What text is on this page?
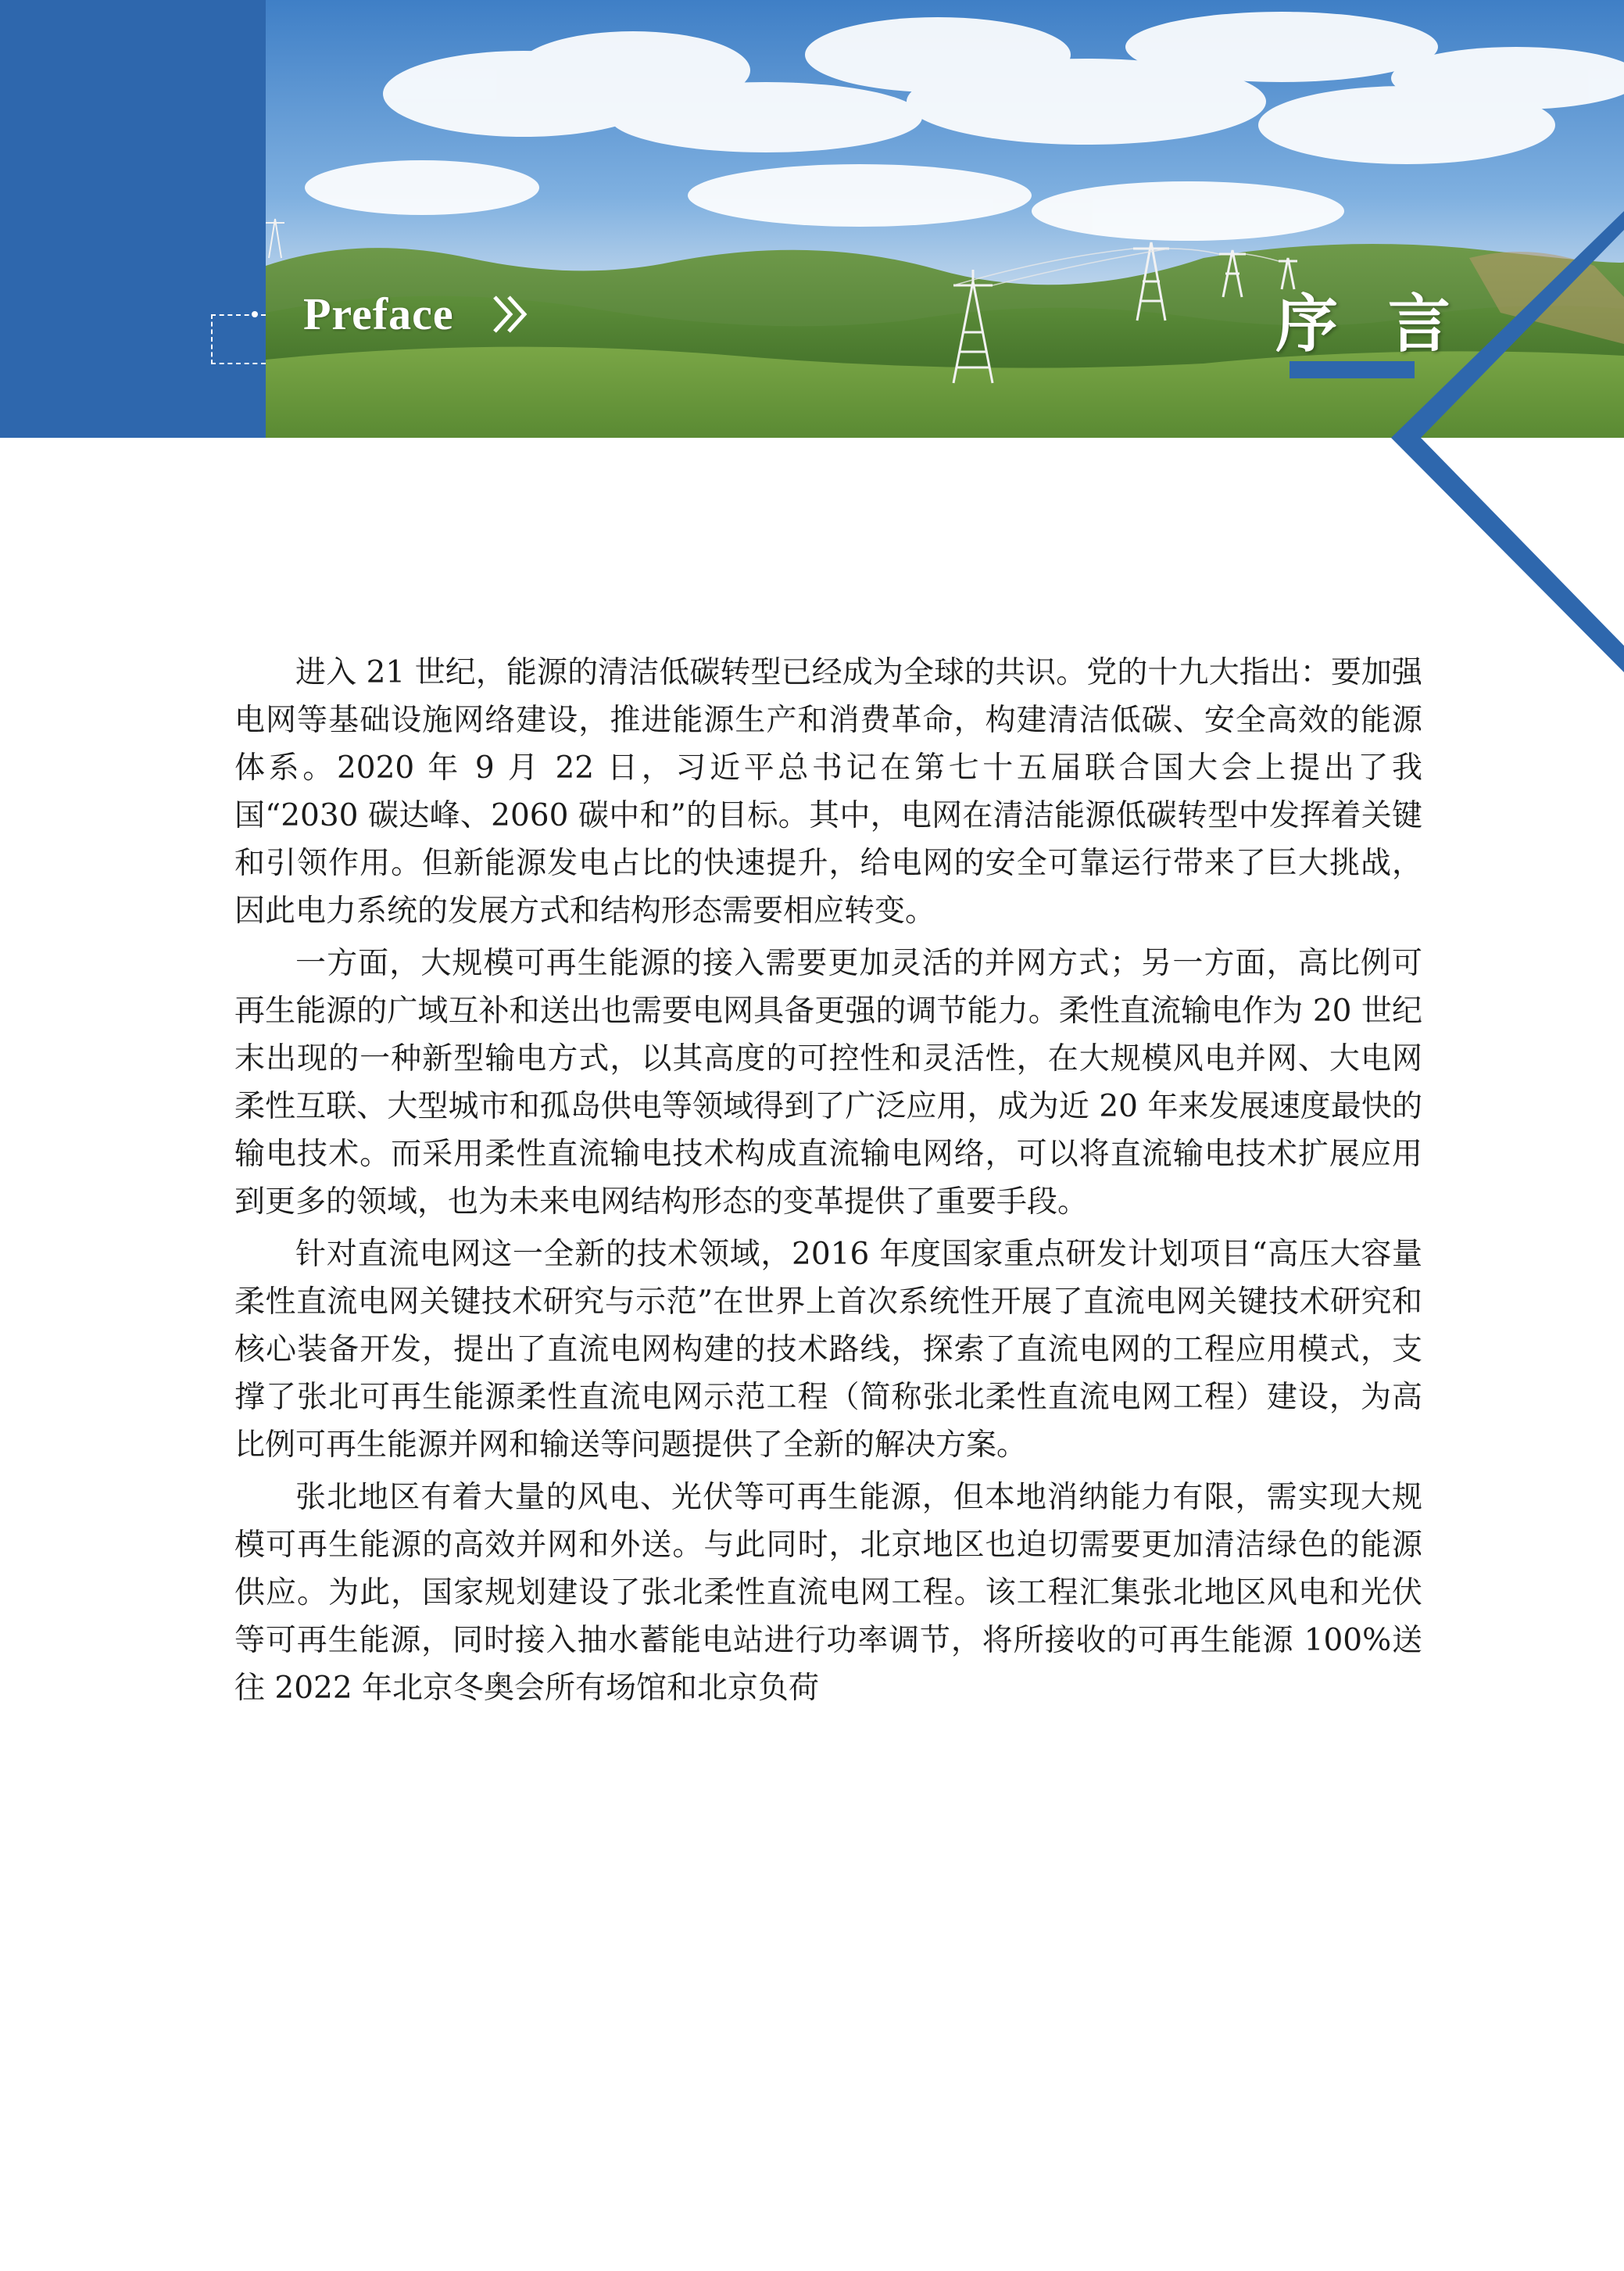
Preface	序 言

进入 21 世纪，能源的清洁低碳转型已经成为全球的共识。党的十九大指出：要加强电网等基础设施网络建设，推进能源生产和消费革命，构建清洁低碳、安全高效的能源体系。2020 年 9 月 22 日，习近平总书记在第七十五届联合国大会上提出了我国“2030 碳达峰、2060 碳中和”的目标。其中，电网在清洁能源低碳转型中发挥着关键和引领作用。但新能源发电占比的快速提升，给电网的安全可靠运行带来了巨大挑战，因此电力系统的发展方式和结构形态需要相应转变。

一方面，大规模可再生能源的接入需要更加灵活的并网方式；另一方面，高比例可再生能源的广域互补和送出也需要电网具备更强的调节能力。柔性直流输电作为 20 世纪末出现的一种新型输电方式，以其高度的可控性和灵活性，在大规模风电并网、大电网柔性互联、大型城市和孤岛供电等领域得到了广泛应用，成为近 20 年来发展速度最快的输电技术。而采用柔性直流输电技术构成直流输电网络，可以将直流输电技术扩展应用到更多的领域，也为未来电网结构形态的变革提供了重要手段。

针对直流电网这一全新的技术领域，2016 年度国家重点研发计划项目“高压大容量柔性直流电网关键技术研究与示范”在世界上首次系统性开展了直流电网关键技术研究和核心装备开发，提出了直流电网构建的技术路线，探索了直流电网的工程应用模式，支撑了张北可再生能源柔性直流电网示范工程（简称张北柔性直流电网工程）建设，为高比例可再生能源并网和输送等问题提供了全新的解决方案。

张北地区有着大量的风电、光伏等可再生能源，但本地消纳能力有限，需实现大规模可再生能源的高效并网和外送。与此同时，北京地区也迫切需要更加清洁绿色的能源供应。为此，国家规划建设了张北柔性直流电网工程。该工程汇集张北地区风电和光伏等可再生能源，同时接入抽水蓄能电站进行功率调节，将所接收的可再生能源 100%送往 2022 年北京冬奥会所有场馆和北京负荷
